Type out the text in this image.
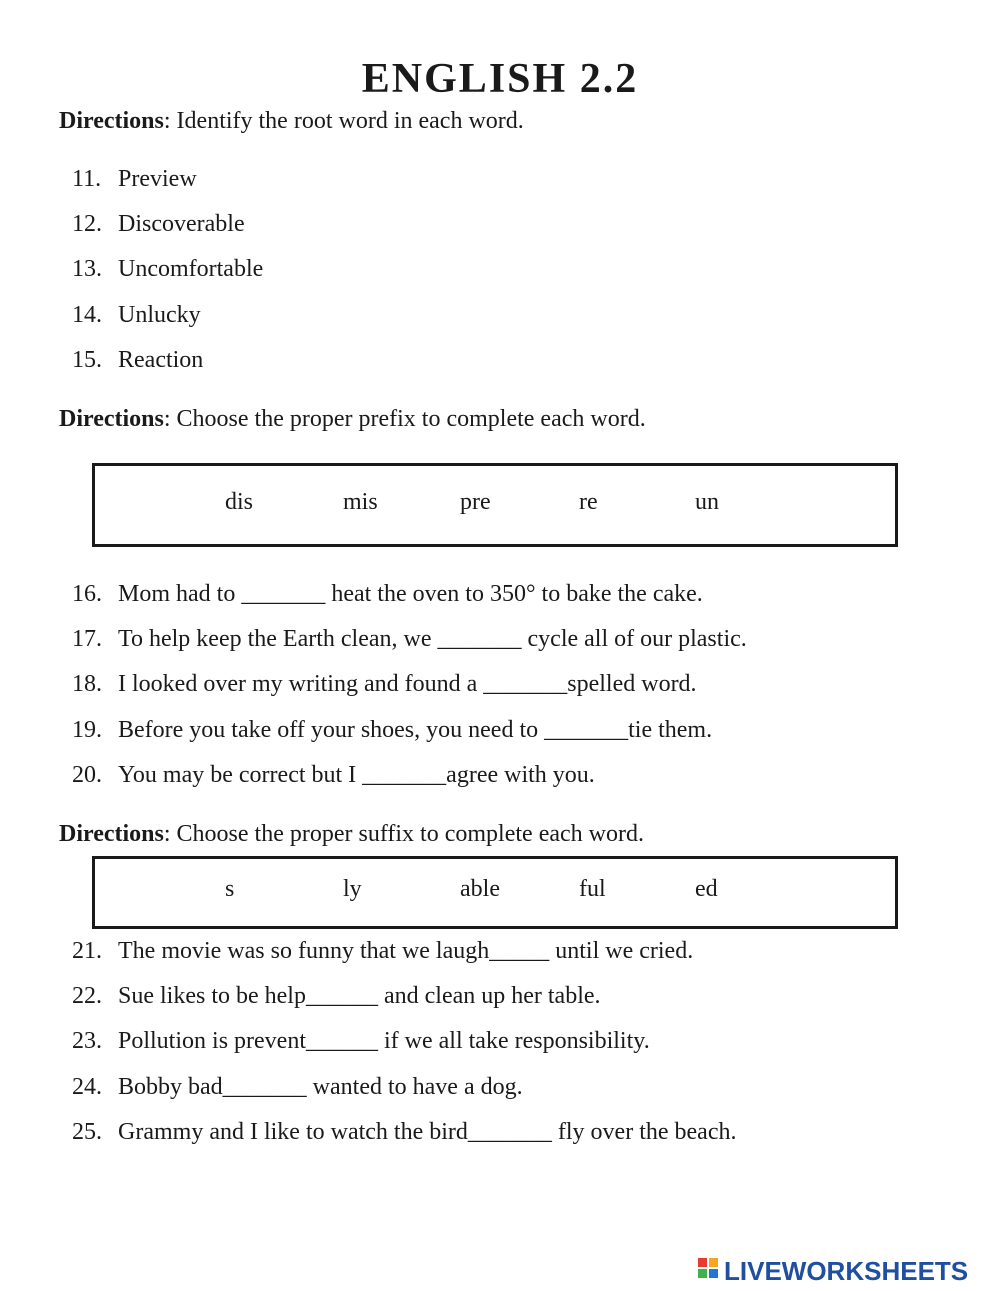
ENGLISH 2.2
Directions: Identify the root word in each word.
11. Preview
12. Discoverable
13. Uncomfortable
14. Unlucky
15. Reaction
Directions: Choose the proper prefix to complete each word.
dis	mis	pre	re	un
16. Mom had to _______ heat the oven to 350° to bake the cake.
17. To help keep the Earth clean, we _______ cycle all of our plastic.
18. I looked over my writing and found a _______spelled word.
19. Before you take off your shoes, you need to _______tie them.
20. You may be correct but I _______agree with you.
Directions: Choose the proper suffix to complete each word.
s	ly	able	ful	ed
21. The movie was so funny that we laugh_____ until we cried.
22. Sue likes to be help______ and clean up her table.
23. Pollution is prevent______ if we all take responsibility.
24. Bobby bad_______ wanted to have a dog.
25. Grammy and I like to watch the bird_______ fly over the beach.
LIVEWORKSHEETS
